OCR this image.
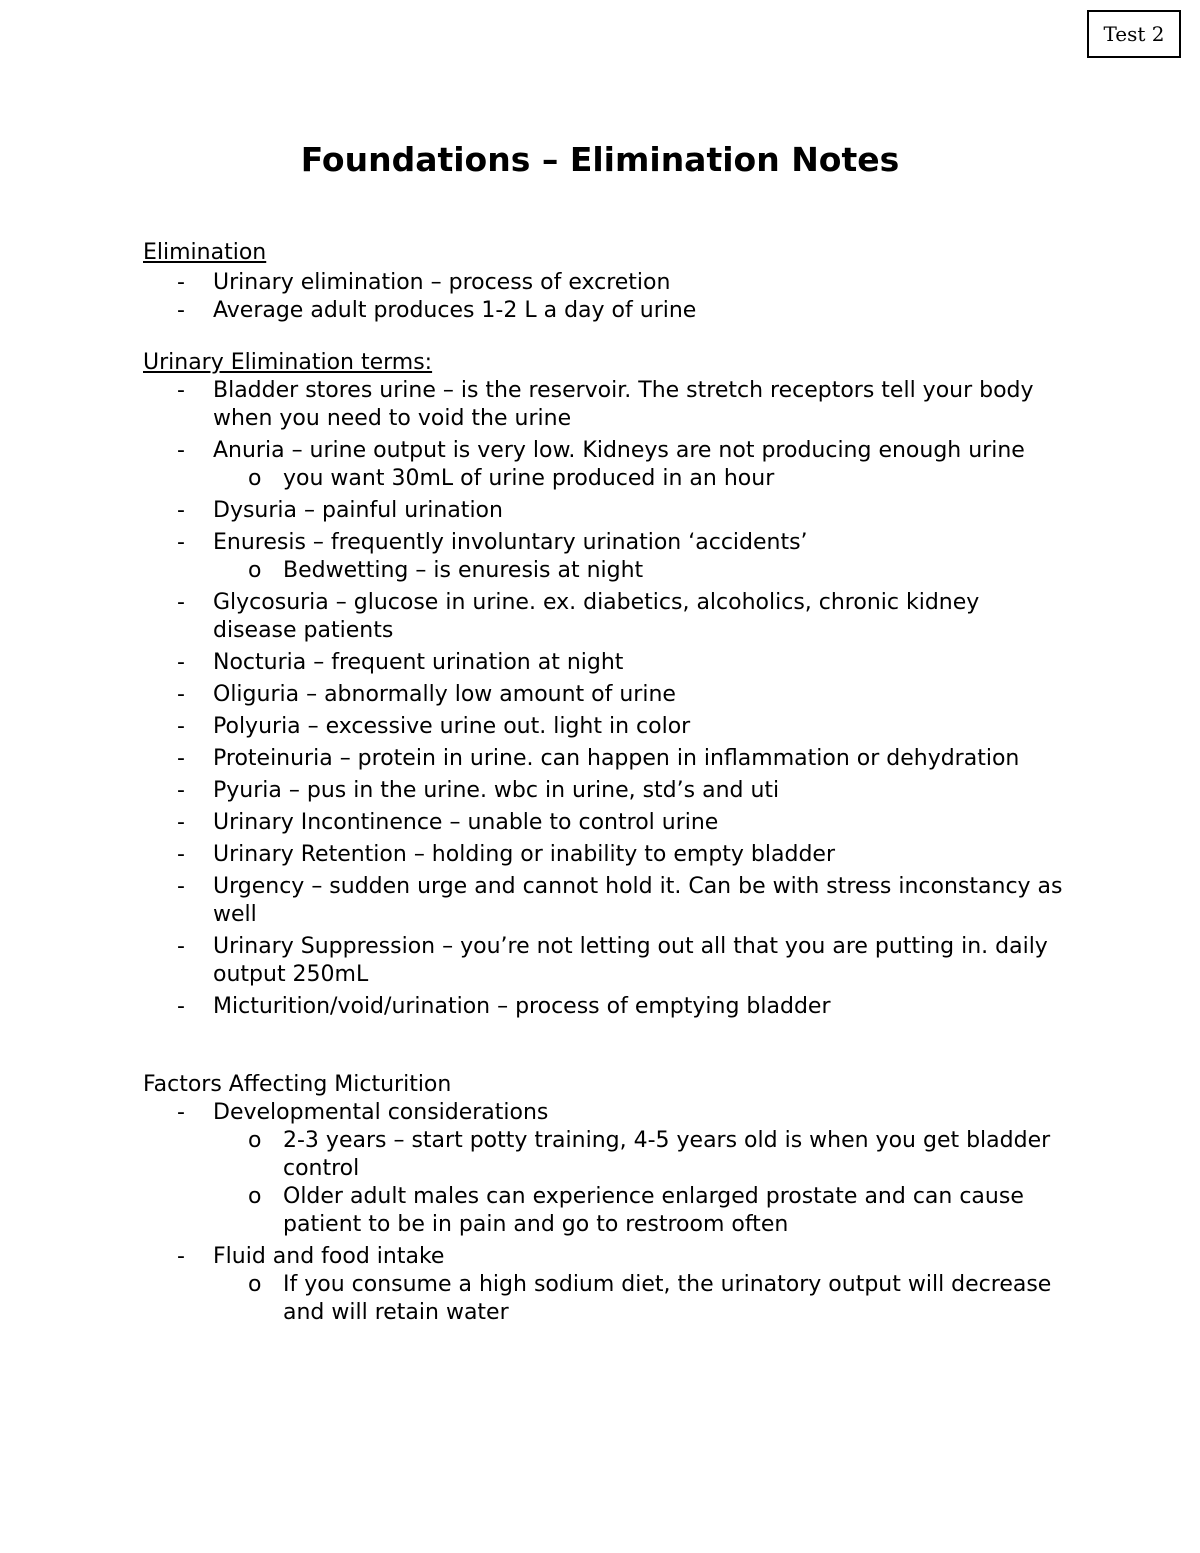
Test 2
Foundations – Elimination Notes
Elimination
- Urinary elimination – process of excretion
- Average adult produces 1-2 L a day of urine
Urinary Elimination terms:
- Bladder stores urine – is the reservoir. The stretch receptors tell your body when you need to void the urine
- Anuria – urine output is very low. Kidneys are not producing enough urine
o you want 30mL of urine produced in an hour
- Dysuria – painful urination
- Enuresis – frequently involuntary urination ‘accidents’
o Bedwetting – is enuresis at night
- Glycosuria – glucose in urine. ex. diabetics, alcoholics, chronic kidney disease patients
- Nocturia – frequent urination at night
- Oliguria – abnormally low amount of urine
- Polyuria – excessive urine out. light in color
- Proteinuria – protein in urine. can happen in inflammation or dehydration
- Pyuria – pus in the urine. wbc in urine, std’s and uti
- Urinary Incontinence – unable to control urine
- Urinary Retention – holding or inability to empty bladder
- Urgency – sudden urge and cannot hold it. Can be with stress inconstancy as well
- Urinary Suppression – you’re not letting out all that you are putting in. daily output 250mL
- Micturition/void/urination – process of emptying bladder
Factors Affecting Micturition
- Developmental considerations
o 2-3 years – start potty training, 4-5 years old is when you get bladder control
o Older adult males can experience enlarged prostate and can cause patient to be in pain and go to restroom often
- Fluid and food intake
o If you consume a high sodium diet, the urinatory output will decrease and will retain water
